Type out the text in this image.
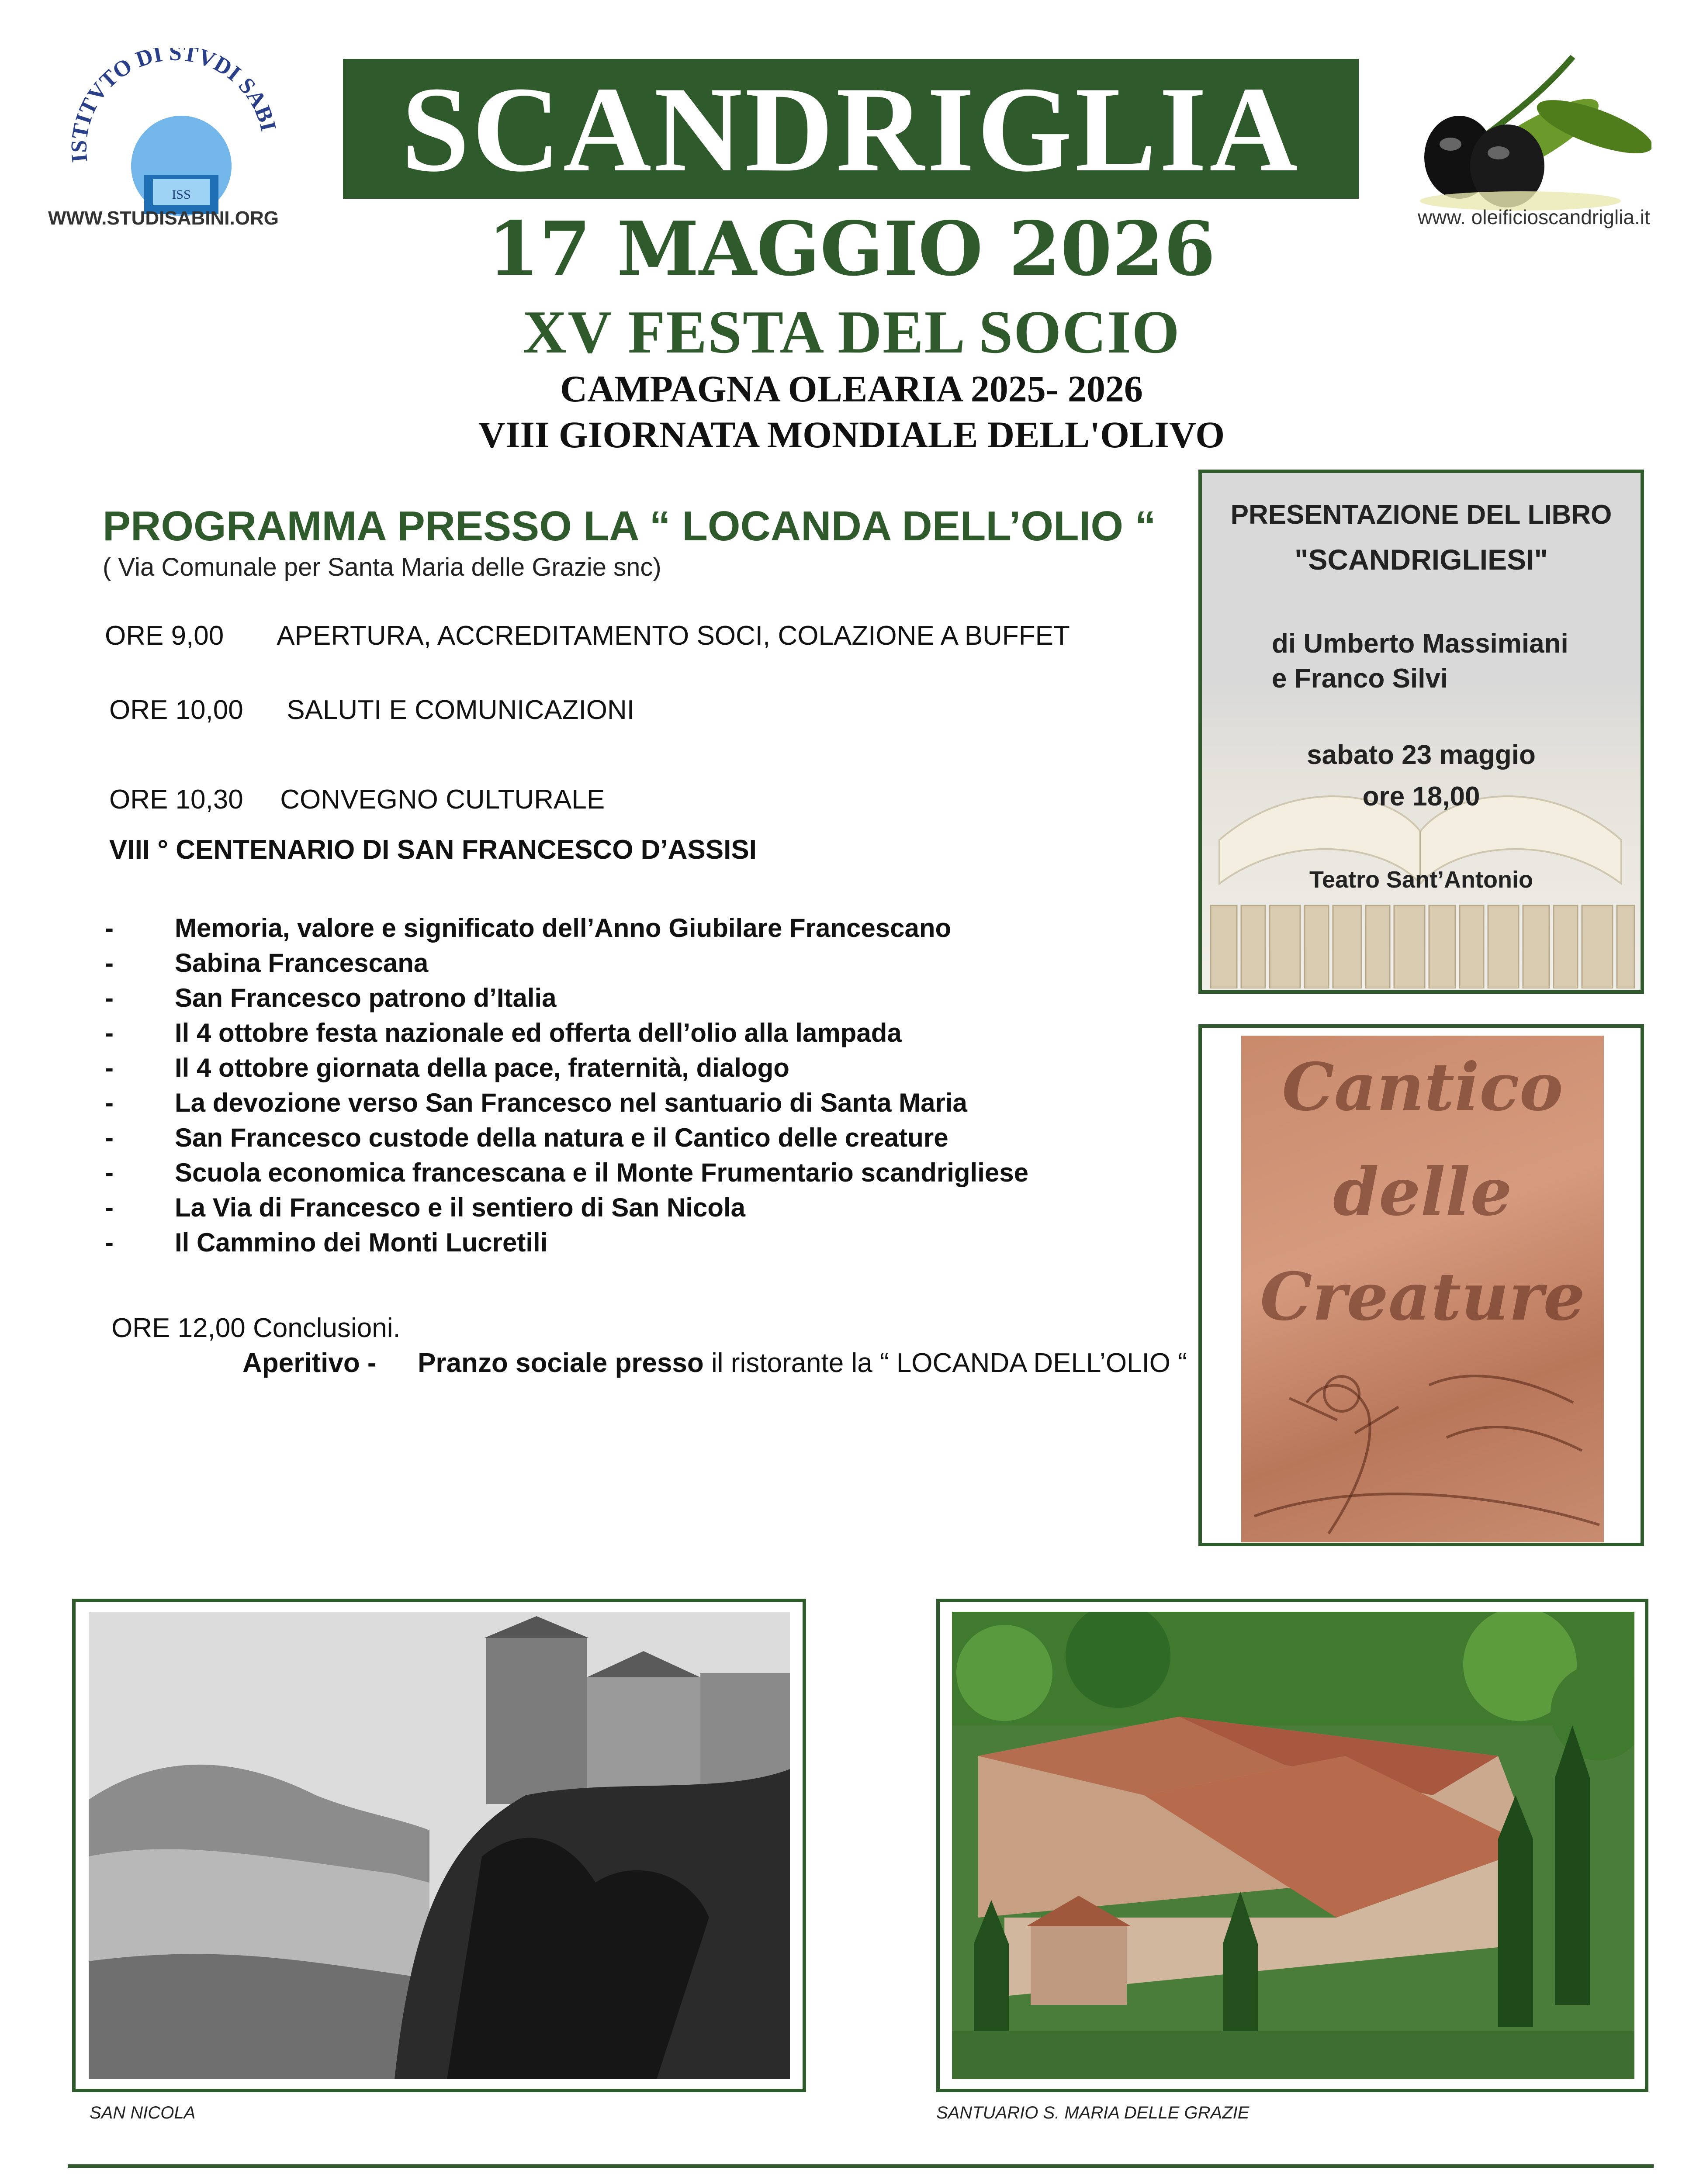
ISTITVTO DI STVDI SABI
ISS
WWW.STUDISABINI.ORG
SCANDRIGLIA
www. oleificioscandriglia.it
17 MAGGIO 2026
XV FESTA DEL SOCIO
CAMPAGNA OLEARIA 2025- 2026
VIII GIORNATA MONDIALE DELL'OLIVO
PROGRAMMA PRESSO LA “ LOCANDA DELL’OLIO “
( Via Comunale per Santa Maria delle Grazie snc)
ORE 9,00 APERTURA, ACCREDITAMENTO SOCI, COLAZIONE A BUFFET
ORE 10,00 SALUTI E COMUNICAZIONI
ORE 10,30 CONVEGNO CULTURALE
VIII ° CENTENARIO DI SAN FRANCESCO D’ASSISI
-	Memoria, valore e significato dell’Anno Giubilare Francescano
-	Sabina Francescana
-	San Francesco patrono d’Italia
-	Il 4 ottobre festa nazionale ed offerta dell’olio alla lampada
-	Il 4 ottobre giornata della pace, fraternità, dialogo
-	La devozione verso San Francesco nel santuario di Santa Maria
-	San Francesco custode della natura e il Cantico delle creature
-	Scuola economica francescana e il Monte Frumentario scandrigliese
-	La Via di Francesco e il sentiero di San Nicola
-	Il Cammino dei Monti Lucretili
ORE 12,00 Conclusioni.
Aperitivo - Pranzo sociale presso il ristorante la “ LOCANDA DELL’OLIO “
PRESENTAZIONE DEL LIBRO
"SCANDRIGLIESI"
di Umberto Massimiani
e Franco Silvi
sabato 23 maggio
ore 18,00
Teatro Sant’Antonio
Cantico
delle
Creature
SAN NICOLA	SANTUARIO S. MARIA DELLE GRAZIE
